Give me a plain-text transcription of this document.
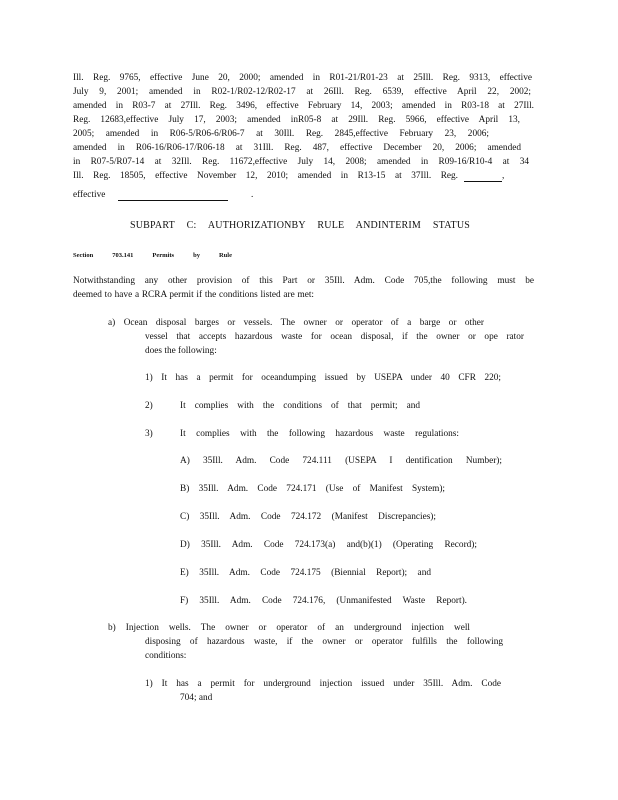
Ill. Reg. 9765, effective June 20, 2000; amended in R01-21/R01-23 at 25Ill. Reg. 9313, effective
July 9, 2001; amended in R02-1/R02-12/R02-17 at 26Ill. Reg. 6539, effective April 22, 2002;
amended in R03-7 at 27Ill. Reg. 3496, effective February 14, 2003; amended in R03-18 at 27Ill.
Reg. 12683,effective July 17, 2003; amended inR05-8 at 29Ill. Reg. 5966, effective April 13,
2005; amended in R06-5/R06-6/R06-7 at 30Ill. Reg. 2845,effective February 23, 2006;
amended in R06-16/R06-17/R06-18 at 31Ill. Reg. 487, effective December 20, 2006; amended
in R07-5/R07-14 at 32Ill. Reg. 11672,effective July 14, 2008; amended in R09-16/R10-4 at 34
Ill. Reg. 18505, effective November 12, 2010; amended in R13-15 at 37Ill. Reg.	,
effective	.
SUBPART C: AUTHORIZATIONBY RULE ANDINTERIM STATUS
Section 703.141	Permits by Rule
Notwithstanding any other provision of this Part or 35Ill. Adm. Code 705,the following must be
deemed to have a RCRA permit if the conditions listed are met:
a) Ocean disposal barges or vessels. The owner or operator of a barge or other
vessel that accepts hazardous waste for ocean disposal, if the owner or ope rator
does the following:
1) It has a permit for oceandumping issued by USEPA under 40 CFR 220;
2)	It complies with the conditions of that permit; and
3)	It complies with the following hazardous waste regulations:
A) 35Ill. Adm. Code 724.111 (USEPA I dentification Number);
B) 35Ill. Adm. Code 724.171 (Use of Manifest System);
C) 35Ill. Adm. Code 724.172 (Manifest Discrepancies);
D) 35Ill. Adm. Code 724.173(a) and(b)(1) (Operating Record);
E) 35Ill. Adm. Code 724.175 (Biennial Report); and
F) 35Ill. Adm. Code 724.176, (Unmanifested Waste Report).
b) Injection wells. The owner or operator of an underground injection well
disposing of hazardous waste, if the owner or operator fulfills the following
conditions:
1) It has a permit for underground injection issued under 35Ill. Adm. Code
704; and
